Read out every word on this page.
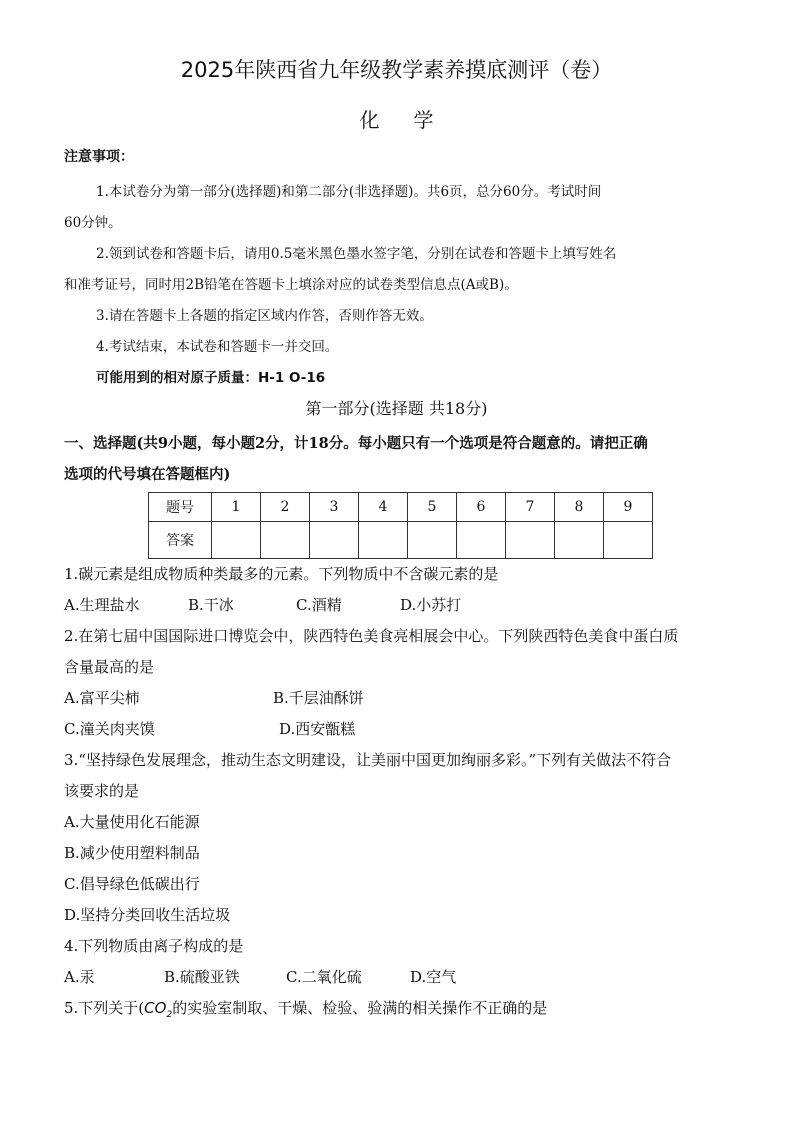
2025年陕西省九年级教学素养摸底测评（卷）
化学
注意事项：
1.本试卷分为第一部分(选择题)和第二部分(非选择题)。共6页，总分60分。考试时间
60分钟。
2.领到试卷和答题卡后，请用0.5毫米黑色墨水签字笔，分别在试卷和答题卡上填写姓名
和准考证号，同时用2B铅笔在答题卡上填涂对应的试卷类型信息点(A或B)。
3.请在答题卡上各题的指定区域内作答，否则作答无效。
4.考试结束，本试卷和答题卡一并交回。
可能用到的相对原子质量：H-1 O-16
第一部分(选择题 共18分)
一、选择题(共9小题，每小题2分，计18分。每小题只有一个选项是符合题意的。请把正确
选项的代号填在答题框内)
题号	1	2	3	4	5	6	7	8	9
答案									
1.碳元素是组成物质种类最多的元素。下列物质中不含碳元素的是
A.生理盐水	B.干冰	C.酒精	D.小苏打
2.在第七届中国国际进口博览会中，陕西特色美食亮相展会中心。下列陕西特色美食中蛋白质
含量最高的是
A.富平尖柿	B.千层油酥饼
C.潼关肉夹馍	D.西安甑糕
3.“坚持绿色发展理念，推动生态文明建设，让美丽中国更加绚丽多彩。”下列有关做法不符合
该要求的是
A.大量使用化石能源
B.减少使用塑料制品
C.倡导绿色低碳出行
D.坚持分类回收生活垃圾
4.下列物质由离子构成的是
A.汞	B.硫酸亚铁	C.二氧化硫	D.空气
5.下列关于($CO_2$的实验室制取、干燥、检验、验满的相关操作不正确的是
